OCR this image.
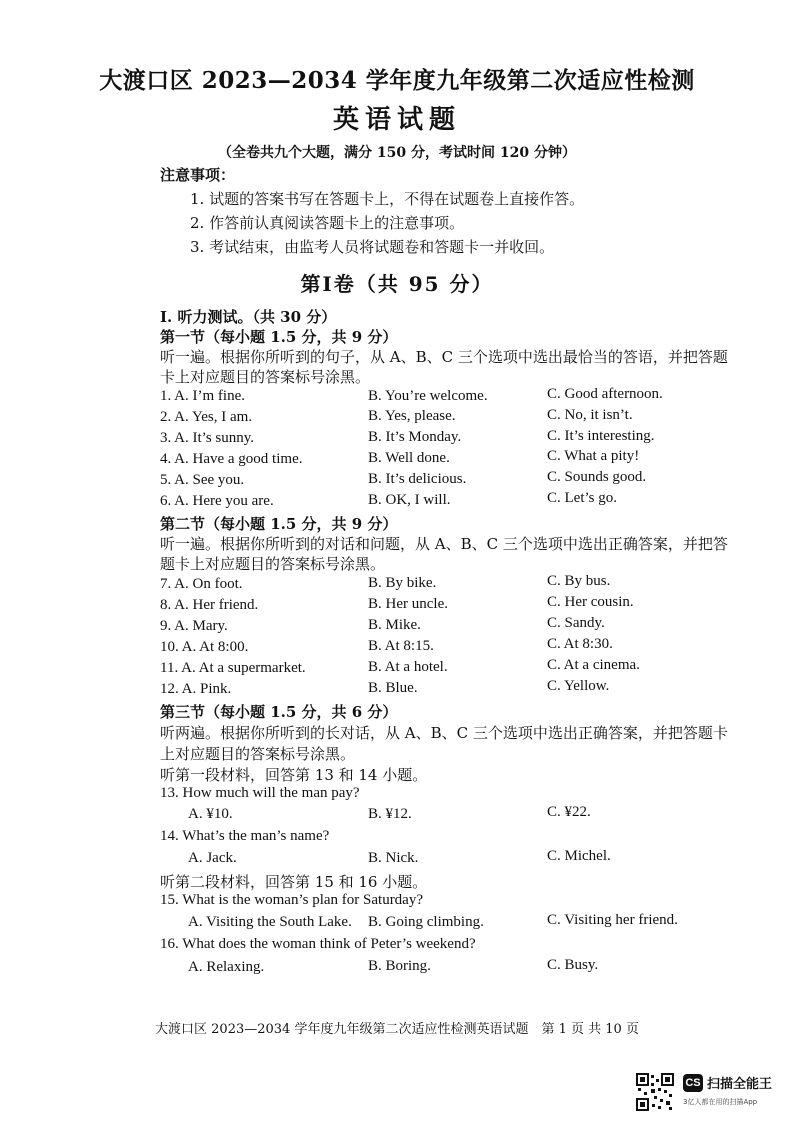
大渡口区 2023—2034 学年度九年级第二次适应性检测
英语试题
（全卷共九个大题，满分 150 分，考试时间 120 分钟）
注意事项：
1. 试题的答案书写在答题卡上，不得在试题卷上直接作答。
2. 作答前认真阅读答题卡上的注意事项。
3. 考试结束，由监考人员将试题卷和答题卡一并收回。
第Ⅰ卷（共 95 分）
I. 听力测试。（共 30 分）
第一节（每小题 1.5 分，共 9 分）
听一遍。根据你所听到的句子，从 A、B、C 三个选项中选出最恰当的答语，并把答题
卡上对应题目的答案标号涂黑。
1. A. I’m fine.	B. You’re welcome.	C. Good afternoon.
2. A. Yes, I am.	B. Yes, please.	C. No, it isn’t.
3. A. It’s sunny.	B. It’s Monday.	C. It’s interesting.
4. A. Have a good time.	B. Well done.	C. What a pity!
5. A. See you.	B. It’s delicious.	C. Sounds good.
6. A. Here you are.	B. OK, I will.	C. Let’s go.
第二节（每小题 1.5 分，共 9 分）
听一遍。根据你所听到的对话和问题，从 A、B、C 三个选项中选出正确答案，并把答
题卡上对应题目的答案标号涂黑。
7. A. On foot.	B. By bike.	C. By bus.
8. A. Her friend.	B. Her uncle.	C. Her cousin.
9. A. Mary.	B. Mike.	C. Sandy.
10. A. At 8:00.	B. At 8:15.	C. At 8:30.
11. A. At a supermarket.	B. At a hotel.	C. At a cinema.
12. A. Pink.	B. Blue.	C. Yellow.
第三节（每小题 1.5 分，共 6 分）
听两遍。根据你所听到的长对话，从 A、B、C 三个选项中选出正确答案，并把答题卡
上对应题目的答案标号涂黑。
听第一段材料，回答第 13 和 14 小题。
13. How much will the man pay?
A. ¥10.	B. ¥12.	C. ¥22.
14. What’s the man’s name?
A. Jack.	B. Nick.	C. Michel.
听第二段材料，回答第 15 和 16 小题。
15. What is the woman’s plan for Saturday?
A. Visiting the South Lake. B. Going climbing.	C. Visiting her friend.
16. What does the woman think of Peter’s weekend?
A. Relaxing.	B. Boring.	C. Busy.
大渡口区 2023—2034 学年度九年级第二次适应性检测英语试题　第 1 页 共 10 页
CS 扫描全能王
3亿人都在用的扫描App
